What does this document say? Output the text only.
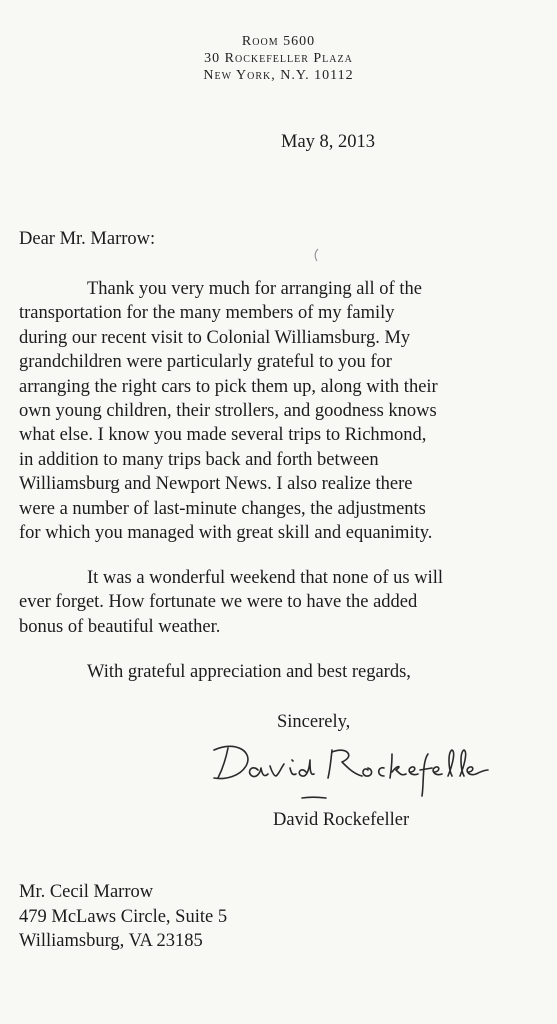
Room 5600
30 Rockefeller Plaza
New York, N.Y. 10112
May 8, 2013
Dear Mr. Marrow:
Thank you very much for arranging all of the
transportation for the many members of my family
during our recent visit to Colonial Williamsburg. My
grandchildren were particularly grateful to you for
arranging the right cars to pick them up, along with their
own young children, their strollers, and goodness knows
what else. I know you made several trips to Richmond,
in addition to many trips back and forth between
Williamsburg and Newport News. I also realize there
were a number of last-minute changes, the adjustments
for which you managed with great skill and equanimity.
It was a wonderful weekend that none of us will
ever forget. How fortunate we were to have the added
bonus of beautiful weather.
With grateful appreciation and best regards,
Sincerely,
David Rockefeller
Mr. Cecil Marrow
479 McLaws Circle, Suite 5
Williamsburg, VA 23185
